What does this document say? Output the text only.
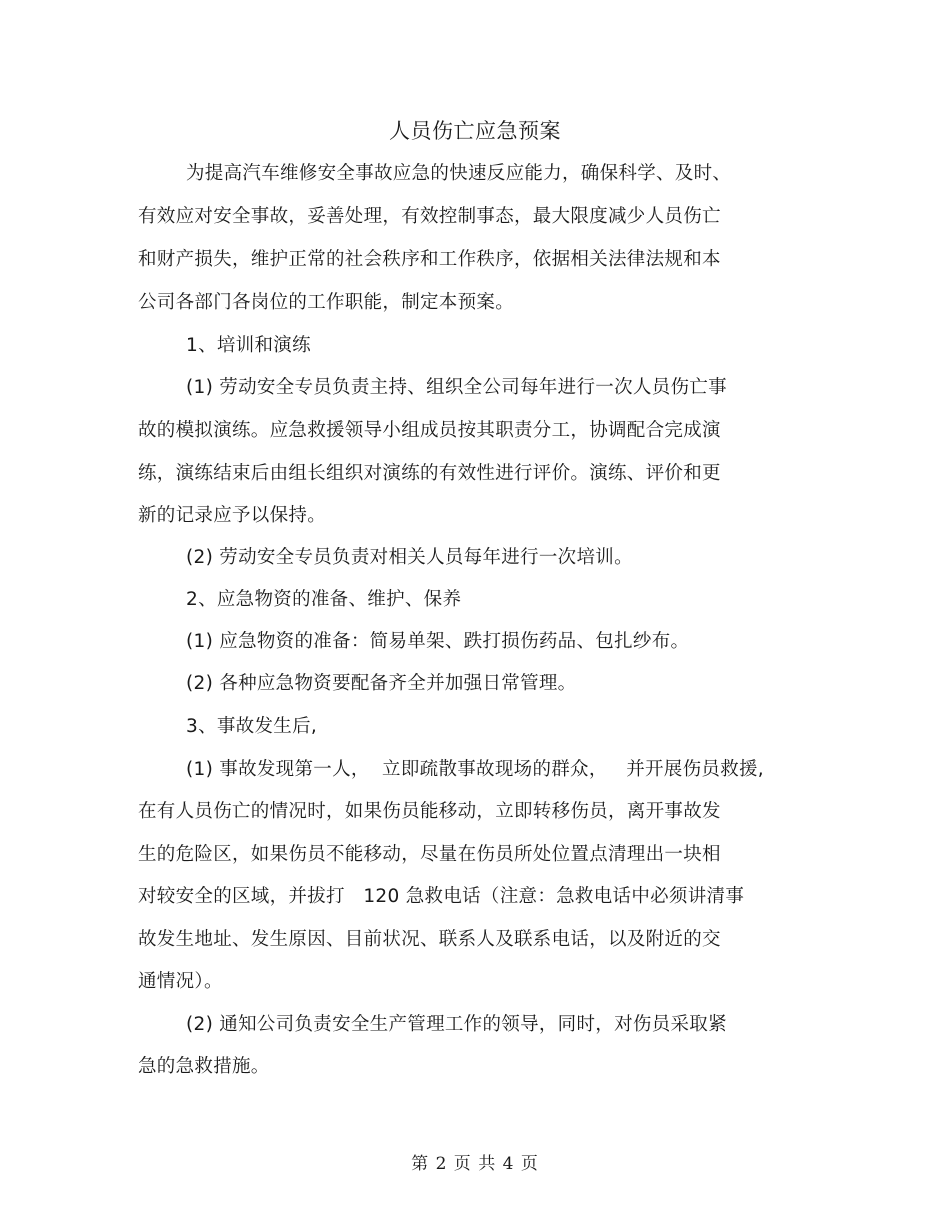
人员伤亡应急预案
为提高汽车维修安全事故应急的快速反应能力，确保科学、及时、
有效应对安全事故，妥善处理，有效控制事态，最大限度减少人员伤亡
和财产损失，维护正常的社会秩序和工作秩序，依据相关法律法规和本
公司各部门各岗位的工作职能，制定本预案。
1、培训和演练
(1) 劳动安全专员负责主持、组织全公司每年进行一次人员伤亡事
故的模拟演练。应急救援领导小组成员按其职责分工，协调配合完成演
练，演练结束后由组长组织对演练的有效性进行评价。演练、评价和更
新的记录应予以保持。
(2) 劳动安全专员负责对相关人员每年进行一次培训。
2、应急物资的准备、维护、保养
(1) 应急物资的准备：简易单架、跌打损伤药品、包扎纱布。
(2) 各种应急物资要配备齐全并加强日常管理。
3、事故发生后,
(1) 事故发现第一人，  立即疏散事故现场的群众，   并开展伤员救援,
在有人员伤亡的情况时，如果伤员能移动，立即转移伤员，离开事故发
生的危险区，如果伤员不能移动，尽量在伤员所处位置点清理出一块相
对较安全的区域，并拔打   120 急救电话（注意：急救电话中必须讲清事
故发生地址、发生原因、目前状况、联系人及联系电话，以及附近的交
通情况）。
(2) 通知公司负责安全生产管理工作的领导，同时，对伤员采取紧
急的急救措施。
第 2 页 共 4 页
